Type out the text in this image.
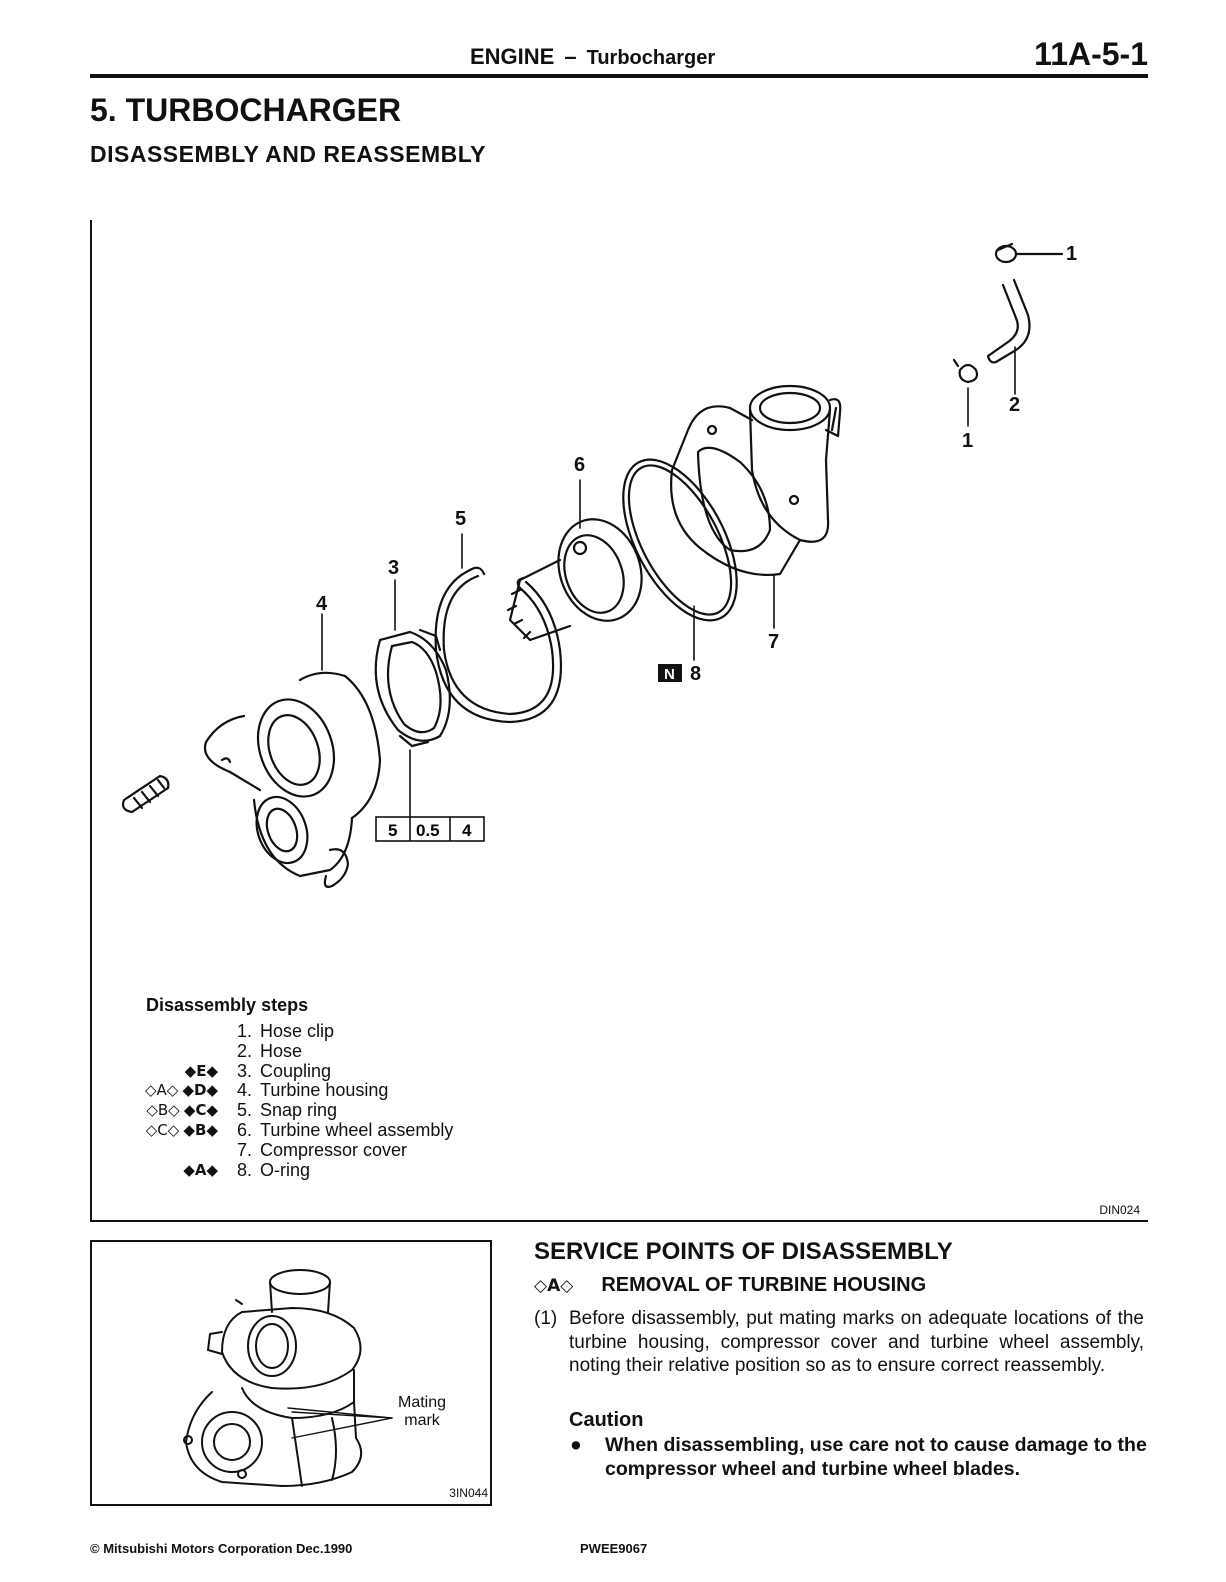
ENGINE – Turbocharger	11A-5-1
5. TURBOCHARGER
DISASSEMBLY AND REASSEMBLY
1
1
2
3
4
5
6
7
8
N
5 0.5 4
Disassembly steps
1. Hose clip
2. Hose
◆E◆	3. Coupling
◇A◇ ◆D◆	4. Turbine housing
◇B◇ ◆C◆	5. Snap ring
◇C◇ ◆B◆	6. Turbine wheel assembly
7. Compressor cover
◆A◆	8. O-ring
DIN024
Mating
mark
3IN044
SERVICE POINTS OF DISASSEMBLY
◇A◇ REMOVAL OF TURBINE HOUSING
(1) Before disassembly, put mating marks on adequate locations of the turbine housing, compressor cover and turbine wheel assembly, noting their relative position so as to ensure correct reassembly.
Caution
● When disassembling, use care not to cause damage to the compressor wheel and turbine wheel blades.
© Mitsubishi Motors Corporation Dec.1990	PWEE9067
